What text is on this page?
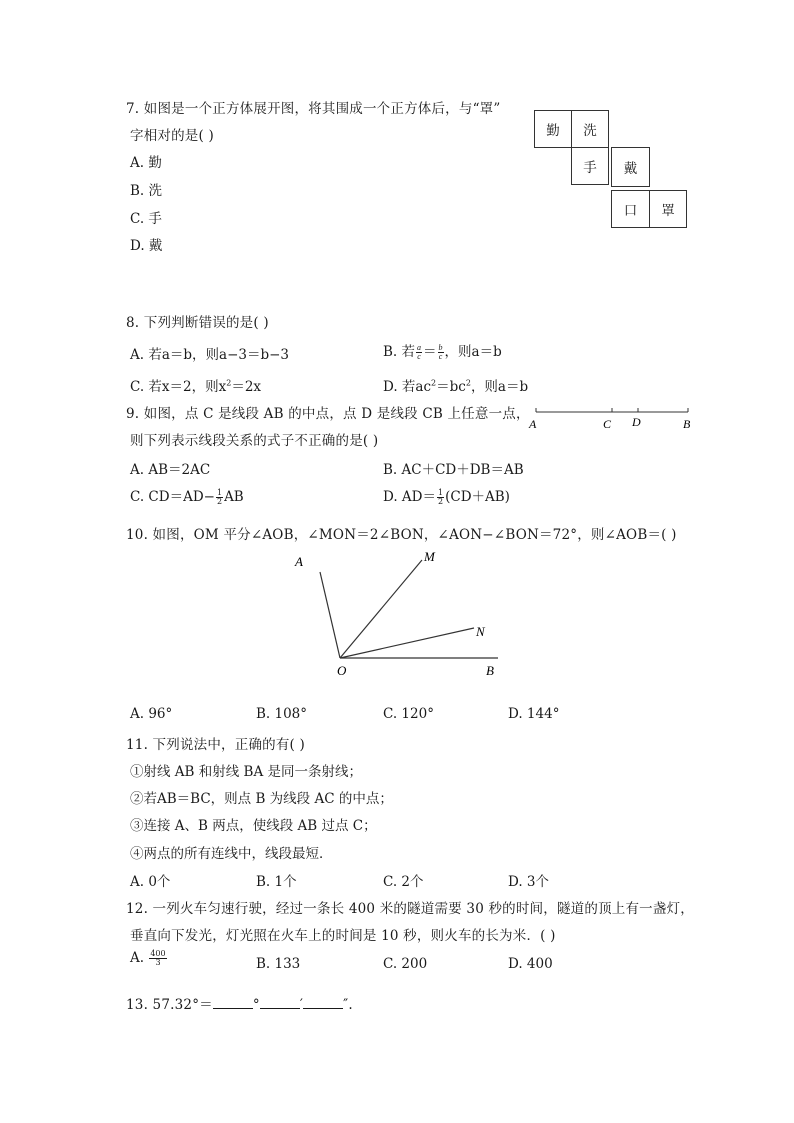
7. 如图是一个正方体展开图，将其围成一个正方体后，与“罩”
字相对的是( )
A. 勤
B. 洗
C. 手
D. 戴
勤	洗
手	戴
口	罩
8. 下列判断错误的是( )
A. 若a＝b，则a−3＝b−3	B. 若 $\frac{a}{c} = \frac{b}{c}$ ，则a＝b
C. 若x＝2，则$x^2=2x$	D. 若$ac^2=bc^2$，则a＝b
9. 如图，点 C 是线段 AB 的中点，点 D 是线段 CB 上任意一点，
则下列表示线段关系的式子不正确的是( )
A	C D	B
A. AB＝2AC	B. AC＋CD＋DB＝AB
C. $CD=AD- \frac{1}{2}$ AB	D. $AD= \frac{1}{2} (CD+AB)$
10. 如图，OM 平分∠AOB，∠MON＝2∠BON，∠AON−∠BON＝72°，则∠AOB＝( )
A	M
N
O	B
A. 96°	B. 108°	C. 120°	D. 144°
11. 下列说法中，正确的有( )
①射线 AB 和射线 BA 是同一条射线；
②若AB＝BC，则点 B 为线段 AC 的中点；
③连接 A、B 两点，使线段 AB 过点 C；
④两点的所有连线中，线段最短．
A. 0个	B. 1个	C. 2个	D. 3个
12. 一列火车匀速行驶，经过一条长 400 米的隧道需要 30 秒的时间，隧道的顶上有一盏灯，
垂直向下发光，灯光照在火车上的时间是 10 秒，则火车的长为米．( )
A. $\frac{400}{3}$	B. 133	C. 200	D. 400
13. 57.32°＝	°	′	″.
